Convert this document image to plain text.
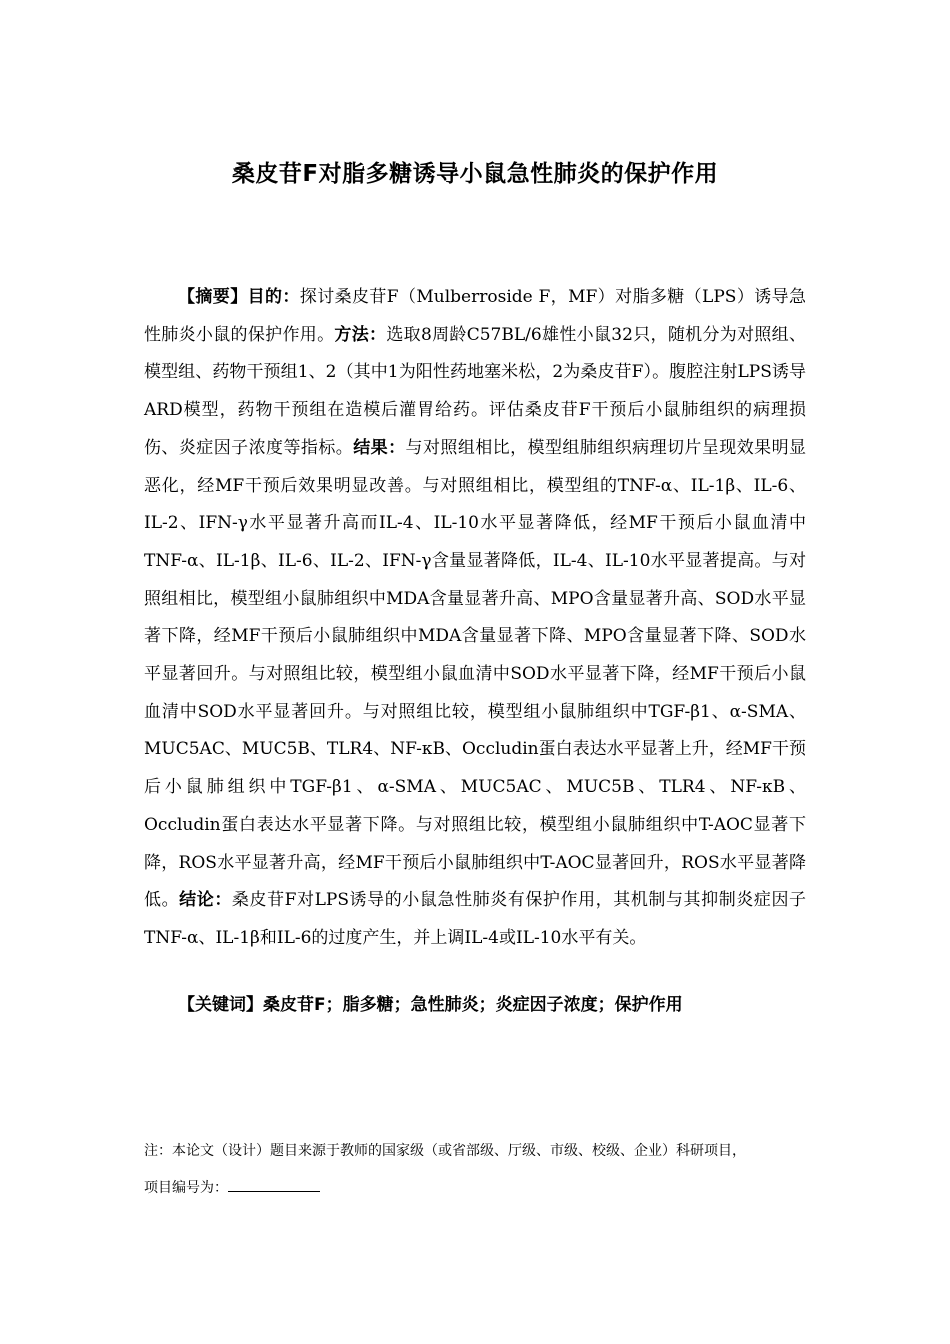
桑皮苷F对脂多糖诱导小鼠急性肺炎的保护作用
【摘要】目的：探讨桑皮苷F（Mulberroside F，MF）对脂多糖（LPS）诱导急性肺炎小鼠的保护作用。方法：选取8周龄C57BL/6雄性小鼠32只，随机分为对照组、模型组、药物干预组1、2（其中1为阳性药地塞米松，2为桑皮苷F）。腹腔注射LPS诱导ARD模型，药物干预组在造模后灌胃给药。评估桑皮苷F干预后小鼠肺组织的病理损伤、炎症因子浓度等指标。结果：与对照组相比，模型组肺组织病理切片呈现效果明显恶化，经MF干预后效果明显改善。与对照组相比，模型组的TNF-α、IL-1β、IL-6、IL-2、IFN-γ水平显著升高而IL-4、IL-10水平显著降低，经MF干预后小鼠血清中 TNF-α、IL-1β、IL-6、IL-2、IFN-γ含量显著降低，IL-4、IL-10水平显著提高。与对照组相比，模型组小鼠肺组织中MDA含量显著升高、MPO含量显著升高、SOD水平显著下降，经MF干预后小鼠肺组织中MDA含量显著下降、MPO含量显著下降、SOD水平显著回升。与对照组比较，模型组小鼠血清中SOD水平显著下降，经MF干预后小鼠血清中SOD水平显著回升。与对照组比较，模型组小鼠肺组织中TGF-β1、α-SMA、MUC5AC、MUC5B、TLR4、NF-κB、Occludin蛋白表达水平显著上升，经MF干预后小鼠肺组织中TGF-β1、α-SMA、MUC5AC、MUC5B、TLR4、NF-κB、Occludin蛋白表达水平显著下降。与对照组比较，模型组小鼠肺组织中T-AOC显著下降，ROS水平显著升高，经MF干预后小鼠肺组织中T-AOC显著回升，ROS水平显著降低。结论：桑皮苷F对LPS诱导的小鼠急性肺炎有保护作用，其机制与其抑制炎症因子TNF-α、IL-1β和IL-6的过度产生，并上调IL-4或IL-10水平有关。
【关键词】桑皮苷F；脂多糖；急性肺炎；炎症因子浓度；保护作用
注：本论文（设计）题目来源于教师的国家级（或省部级、厅级、市级、校级、企业）科研项目，
项目编号为：
